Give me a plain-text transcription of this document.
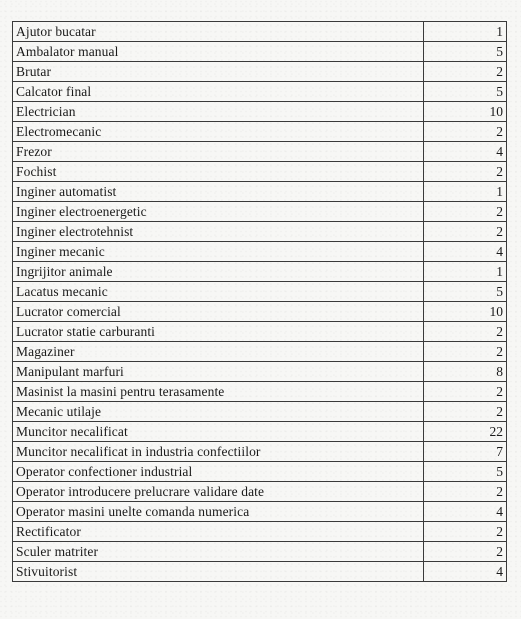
Ajutor bucatar	1
Ambalator manual	5
Brutar	2
Calcator final	5
Electrician	10
Electromecanic	2
Frezor	4
Fochist	2
Inginer automatist	1
Inginer electroenergetic	2
Inginer electrotehnist	2
Inginer mecanic	4
Ingrijitor animale	1
Lacatus mecanic	5
Lucrator comercial	10
Lucrator statie carburanti	2
Magaziner	2
Manipulant marfuri	8
Masinist la masini pentru terasamente	2
Mecanic utilaje	2
Muncitor necalificat	22
Muncitor necalificat in industria confectiilor	7
Operator confectioner industrial	5
Operator introducere prelucrare validare date	2
Operator masini unelte comanda numerica	4
Rectificator	2
Sculer matriter	2
Stivuitorist	4
